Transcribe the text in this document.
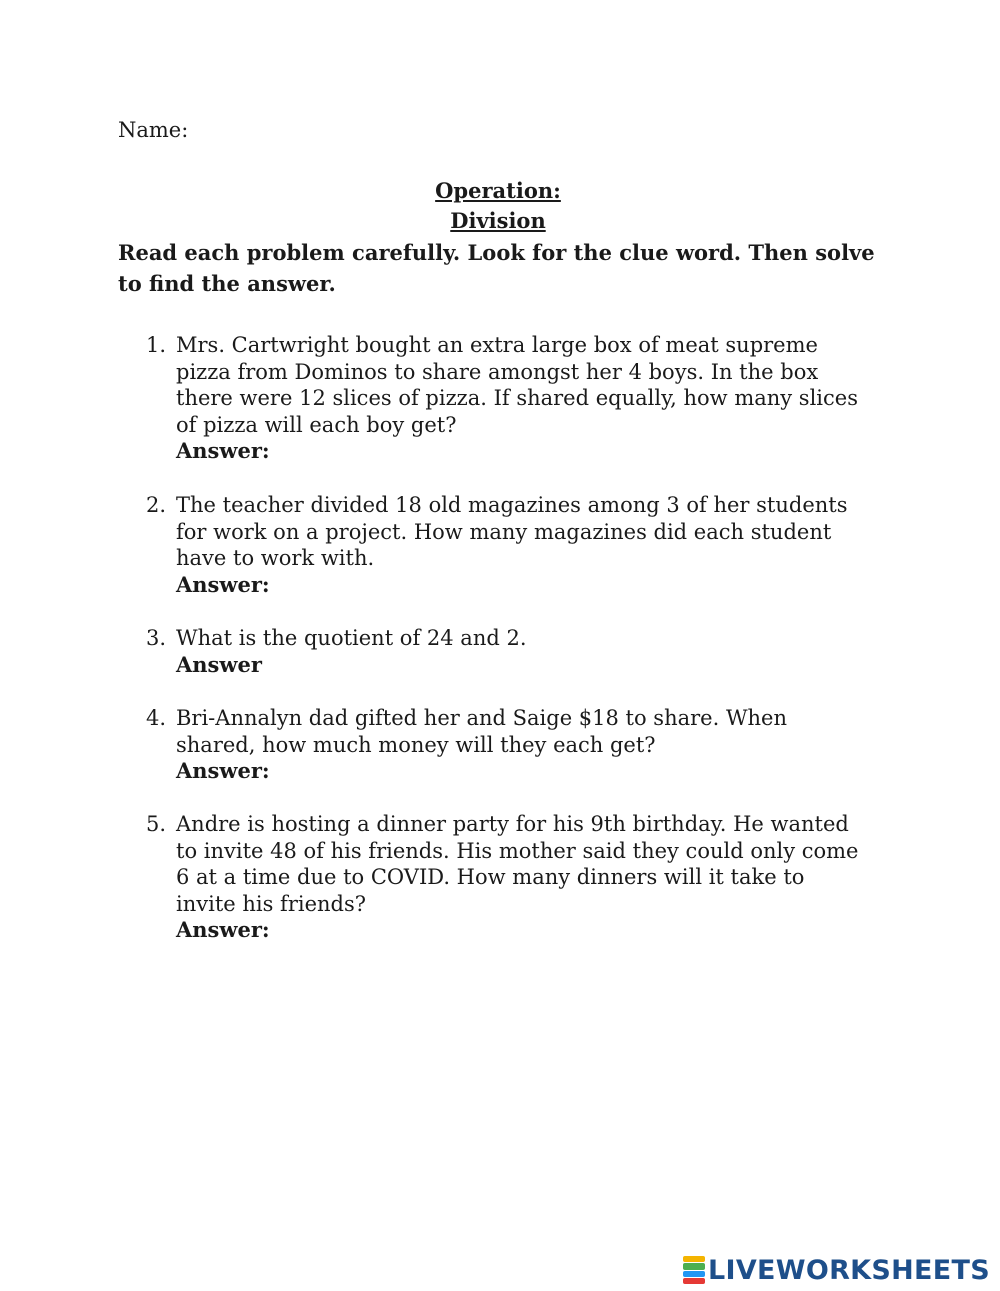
Name:
Operation:
Division
Read each problem carefully. Look for the clue word. Then solve to find the answer.
1. Mrs. Cartwright bought an extra large box of meat supreme pizza from Dominos to share amongst her 4 boys. In the box there were 12 slices of pizza. If shared equally, how many slices of pizza will each boy get?
Answer:
2. The teacher divided 18 old magazines among 3 of her students for work on a project. How many magazines did each student have to work with.
Answer:
3. What is the quotient of 24 and 2.
Answer
4. Bri-Annalyn dad gifted her and Saige $18 to share. When shared, how much money will they each get?
Answer:
5. Andre is hosting a dinner party for his 9th birthday. He wanted to invite 48 of his friends. His mother said they could only come 6 at a time due to COVID. How many dinners will it take to invite his friends?
Answer:
LIVEWORKSHEETS
